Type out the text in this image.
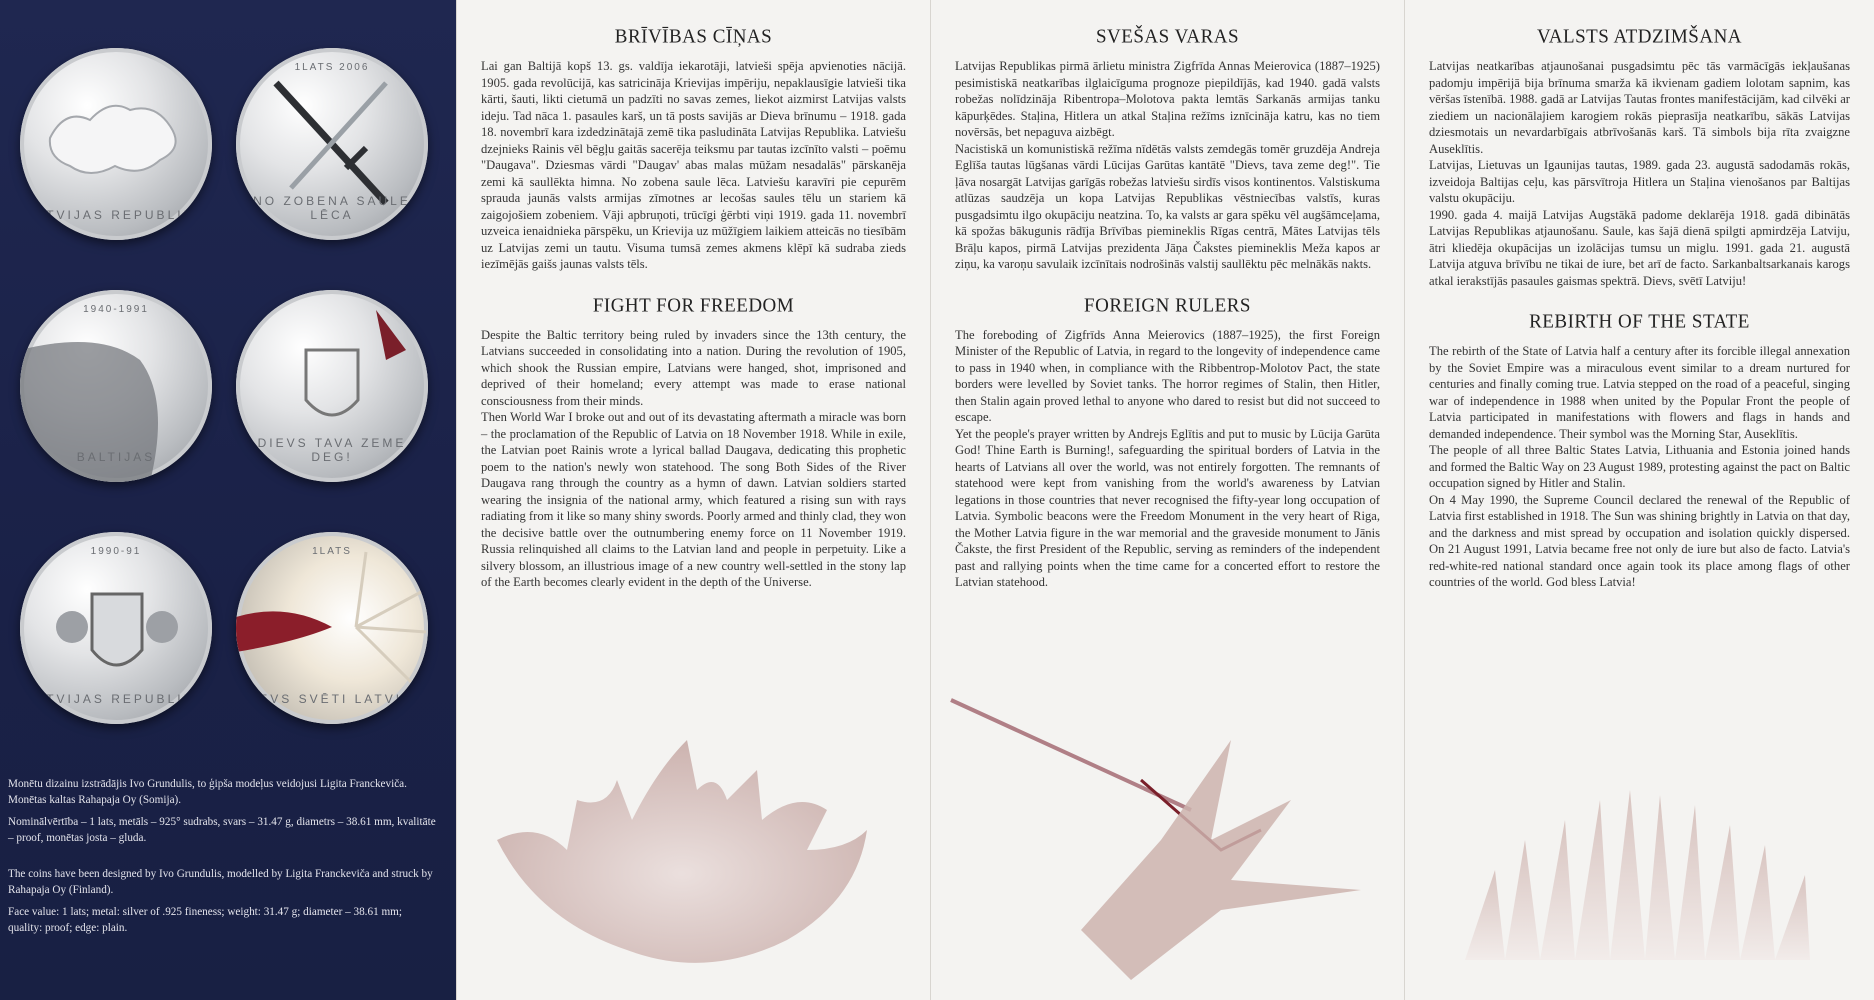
LATVIJAS REPUBLIKA
1LATS 2006
NO ZOBENA SAULE LĒCA
1940-1991
BALTIJAS
DIEVS TAVA ZEME DEG!
1990-91
LATVIJAS REPUBLIKA
1LATS
DIEVS SVĒTI LATVIJU

Monētu dizainu izstrādājis Ivo Grundulis, to ģipša modeļus veidojusi Ligita Franckeviča. Monētas kaltas Rahapaja Oy (Somija).

Nominālvērtība – 1 lats, metāls – 925° sudrabs, svars – 31.47 g, diametrs – 38.61 mm, kvalitāte – proof, monētas josta – gluda.

The coins have been designed by Ivo Grundulis, modelled by Ligita Franckeviča and struck by Rahapaja Oy (Finland).

Face value: 1 lats; metal: silver of .925 fineness; weight: 31.47 g; diameter – 38.61 mm; quality: proof; edge: plain.

BRĪVĪBAS CĪŅAS

Lai gan Baltijā kopš 13. gs. valdīja iekarotāji, latvieši spēja apvienoties nācijā. 1905. gada revolūcijā, kas satricināja Krievijas impēriju, nepaklausīgie latvieši tika kārti, šauti, likti cietumā un padzīti no savas zemes, liekot aizmirst Latvijas valsts ideju. Tad nāca 1. pasaules karš, un tā posts savijās ar Dieva brīnumu – 1918. gada 18. novembrī kara izdedzinātajā zemē tika pasludināta Latvijas Republika. Latviešu dzejnieks Rainis vēl bēgļu gaitās sacerēja teiksmu par tautas izcīnīto valsti – poēmu "Daugava". Dziesmas vārdi "Daugav' abas malas mūžam nesadalās" pārskanēja zemi kā saullēkta himna. No zobena saule lēca. Latviešu karavīri pie cepurēm sprauda jaunās valsts armijas zīmotnes ar lecošas saules tēlu un stariem kā zaigojošiem zobeniem. Vāji apbruņoti, trūcīgi ģērbti viņi 1919. gada 11. novembrī uzveica ienaidnieka pārspēku, un Krievija uz mūžīgiem laikiem atteicās no tiesībām uz Latvijas zemi un tautu. Visuma tumsā zemes akmens klēpī kā sudraba zieds iezīmējās gaišs jaunas valsts tēls.

FIGHT FOR FREEDOM

Despite the Baltic territory being ruled by invaders since the 13th century, the Latvians succeeded in consolidating into a nation. During the revolution of 1905, which shook the Russian empire, Latvians were hanged, shot, imprisoned and deprived of their homeland; every attempt was made to erase national consciousness from their minds.

Then World War I broke out and out of its devastating aftermath a miracle was born – the proclamation of the Republic of Latvia on 18 November 1918. While in exile, the Latvian poet Rainis wrote a lyrical ballad Daugava, dedicating this prophetic poem to the nation's newly won statehood. The song Both Sides of the River Daugava rang through the country as a hymn of dawn. Latvian soldiers started wearing the insignia of the national army, which featured a rising sun with rays radiating from it like so many shiny swords. Poorly armed and thinly clad, they won the decisive battle over the outnumbering enemy force on 11 November 1919. Russia relinquished all claims to the Latvian land and people in perpetuity. Like a silvery blossom, an illustrious image of a new country well-settled in the stony lap of the Earth becomes clearly evident in the depth of the Universe.

SVEŠAS VARAS

Latvijas Republikas pirmā ārlietu ministra Zigfrīda Annas Meierovica (1887–1925) pesimistiskā neatkarības ilglaicīguma prognoze piepildījās, kad 1940. gadā valsts robežas nolīdzināja Ribentropa–Molotova pakta lemtās Sarkanās armijas tanku kāpurķēdes. Staļina, Hitlera un atkal Staļina režīms iznīcināja katru, kas no tiem novērsās, bet nepaguva aizbēgt.

Nacistiskā un komunistiskā režīma nīdētās valsts zemdegās tomēr gruzdēja Andreja Eglīša tautas lūgšanas vārdi Lūcijas Garūtas kantātē "Dievs, tava zeme deg!". Tie ļāva nosargāt Latvijas garīgās robežas latviešu sirdīs visos kontinentos. Valstiskuma atlūzas saudzēja un kopa Latvijas Republikas vēstniecības valstīs, kuras pusgadsimtu ilgo okupāciju neatzina. To, ka valsts ar gara spēku vēl augšāmceļama, kā spožas bākugunis rādīja Brīvības piemineklis Rīgas centrā, Mātes Latvijas tēls Brāļu kapos, pirmā Latvijas prezidenta Jāņa Čakstes piemineklis Meža kapos ar ziņu, ka varoņu savulaik izcīnītais nodrošinās valstij saullēktu pēc melnākās nakts.

FOREIGN RULERS

The foreboding of Zigfrīds Anna Meierovics (1887–1925), the first Foreign Minister of the Republic of Latvia, in regard to the longevity of independence came to pass in 1940 when, in compliance with the Ribbentrop-Molotov Pact, the state borders were levelled by Soviet tanks. The horror regimes of Stalin, then Hitler, then Stalin again proved lethal to anyone who dared to resist but did not succeed to escape.

Yet the people's prayer written by Andrejs Eglītis and put to music by Lūcija Garūta God! Thine Earth is Burning!, safeguarding the spiritual borders of Latvia in the hearts of Latvians all over the world, was not entirely forgotten. The remnants of statehood were kept from vanishing from the world's awareness by Latvian legations in those countries that never recognised the fifty-year long occupation of Latvia. Symbolic beacons were the Freedom Monument in the very heart of Riga, the Mother Latvia figure in the war memorial and the graveside monument to Jānis Čakste, the first President of the Republic, serving as reminders of the independent past and rallying points when the time came for a concerted effort to restore the Latvian statehood.

VALSTS ATDZIMŠANA

Latvijas neatkarības atjaunošanai pusgadsimtu pēc tās varmācīgās iekļaušanas padomju impērijā bija brīnuma smarža kā ikvienam gadiem lolotam sapnim, kas vēršas īstenībā. 1988. gadā ar Latvijas Tautas frontes manifestācijām, kad cilvēki ar ziediem un nacionālajiem karogiem rokās pieprasīja neatkarību, sākās Latvijas dziesmotais un nevardarbīgais atbrīvošanās karš. Tā simbols bija rīta zvaigzne Auseklītis.

Latvijas, Lietuvas un Igaunijas tautas, 1989. gada 23. augustā sadodamās rokās, izveidoja Baltijas ceļu, kas pārsvītroja Hitlera un Staļina vienošanos par Baltijas valstu okupāciju.

1990. gada 4. maijā Latvijas Augstākā padome deklarēja 1918. gadā dibinātās Latvijas Republikas atjaunošanu. Saule, kas šajā dienā spilgti apmirdzēja Latviju, ātri kliedēja okupācijas un izolācijas tumsu un miglu. 1991. gada 21. augustā Latvija atguva brīvību ne tikai de iure, bet arī de facto. Sarkanbaltsarkanais karogs atkal ierakstījās pasaules gaismas spektrā. Dievs, svētī Latviju!

REBIRTH OF THE STATE

The rebirth of the State of Latvia half a century after its forcible illegal annexation by the Soviet Empire was a miraculous event similar to a dream nurtured for centuries and finally coming true. Latvia stepped on the road of a peaceful, singing war of independence in 1988 when united by the Popular Front the people of Latvia participated in manifestations with flowers and flags in hands and demanded independence. Their symbol was the Morning Star, Auseklītis.

The people of all three Baltic States Latvia, Lithuania and Estonia joined hands and formed the Baltic Way on 23 August 1989, protesting against the pact on Baltic occupation signed by Hitler and Stalin.

On 4 May 1990, the Supreme Council declared the renewal of the Republic of Latvia first established in 1918. The Sun was shining brightly in Latvia on that day, and the darkness and mist spread by occupation and isolation quickly dispersed. On 21 August 1991, Latvia became free not only de iure but also de facto. Latvia's red-white-red national standard once again took its place among flags of other countries of the world. God bless Latvia!
